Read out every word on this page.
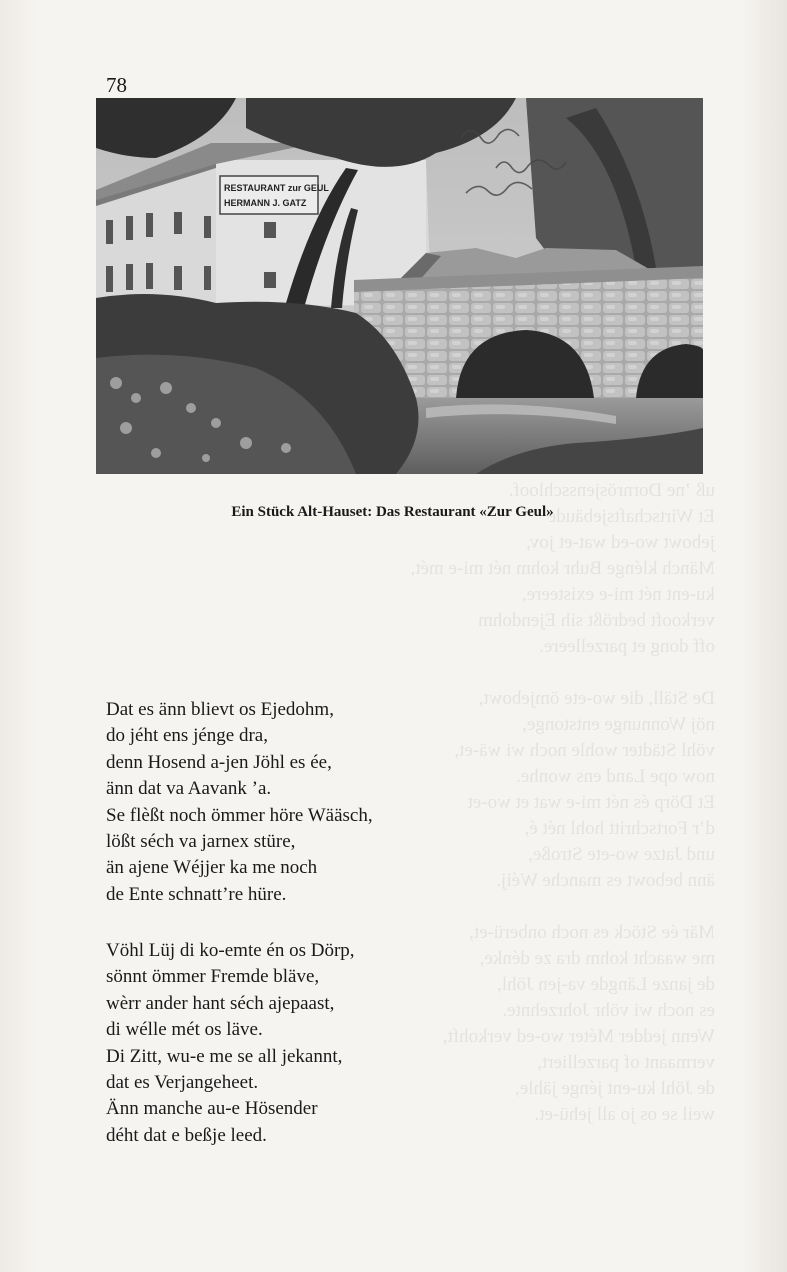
uß ’ne Dornrösjensschloof.
Et Wirtschaftsjebäude
jebowt wo-ed wat-et jov,
Mänch klénge Buhr kohm nét mi-e mét,
ku-ent nét mi-e existeere,
verkooft bedrößt sih Ejendohm
off dong et parzelleere.

De Ställ, die wo-ete ömjebowt,
nöj Wonnunge entstonge,
vöhl Städter wohle noch wi wä-et,
now ope Land ens wonhe.
Et Dörp és nét mi-e wat et wo-et
d’r Fortschritt hohl nét é,
und Jatze wo-ete Stroße,
änn bebowt es manche Wéij.

Mär ée Stöck es noch onberü-et,
me waacht kohm dra ze dénke,
de janze Längde va-jen Jöhl,
es noch wi vöhr Johrzehnte.
Wenn jedder Méter wo-ed verkohft,
vermaant of parzelliert,
de Jöhl ku-ent jénge jähle,
weil se os jo all jehü-et.
78
RESTAURANT zur GEUL
HERMANN J. GATZ
Ein Stück Alt-Hauset: Das Restaurant «Zur Geul»
Dat es änn blievt os Ejedohm,
do jéht ens jénge dra,
denn Hosend a-jen Jöhl es ée,
änn dat va Aavank ’a.
Se flèßt noch ömmer höre Wääsch,
lößt séch va jarnex stüre,
än ajene Wéjjer ka me noch
de Ente schnatt’re hüre.
Vöhl Lüj di ko-emte én os Dörp,
sönnt ömmer Fremde bläve,
wèrr ander hant séch ajepaast,
di wélle mét os läve.
Di Zitt, wu-e me se all jekannt,
dat es Verjangeheet.
Änn manche au-e Hösender
déht dat e beßje leed.
